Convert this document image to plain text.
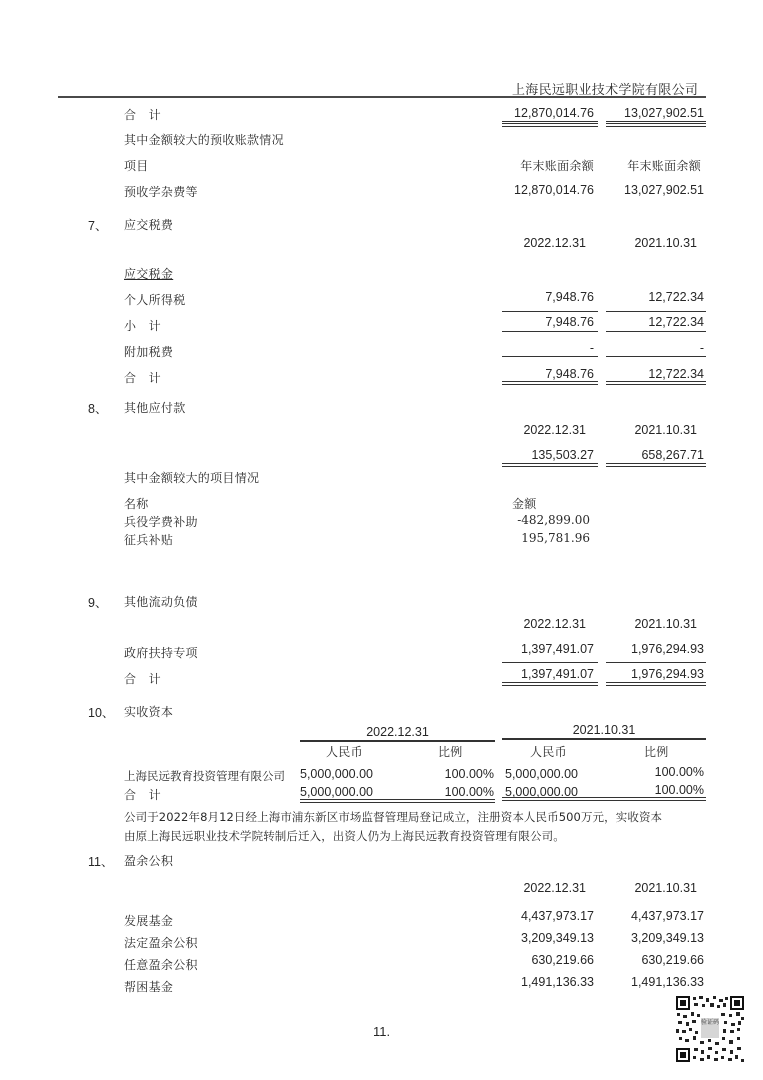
上海民远职业技术学院有限公司
合　计	12,870,014.76	13,027,902.51
其中金额较大的预收账款情况
项目	年末账面余额	年末账面余额
预收学杂费等	12,870,014.76	13,027,902.51
7、 应交税费
2022.12.31	2021.10.31
应交税金
个人所得税	7,948.76	12,722.34
小　计	7,948.76	12,722.34
附加税费	-	-
合　计	7,948.76	12,722.34
8、 其他应付款
2022.12.31	2021.10.31
135,503.27	658,267.71
其中金额较大的项目情况
名称	金额
兵役学费补助	-482,899.00
征兵补贴	195,781.96
9、 其他流动负债
2022.12.31	2021.10.31
政府扶持专项	1,397,491.07	1,976,294.93
合　计	1,397,491.07	1,976,294.93
10、 实收资本
2022.12.31	2021.10.31
人民币	比例	人民币	比例
上海民远教育投资管理有限公司 5,000,000.00	100.00% 5,000,000.00	100.00%
合　计	5,000,000.00	100.00% 5,000,000.00	100.00%
公司于2022年8月12日经上海市浦东新区市场监督管理局登记成立，注册资本人民币500万元，实收资本
由原上海民远职业技术学院转制后迁入，出资人仍为上海民远教育投资管理有限公司。
11、 盈余公积
2022.12.31	2021.10.31
发展基金	4,437,973.17	4,437,973.17
法定盈余公积	3,209,349.13	3,209,349.13
任意盈余公积	630,219.66	630,219.66
帮困基金	1,491,136.33	1,491,136.33
11.
验证码
